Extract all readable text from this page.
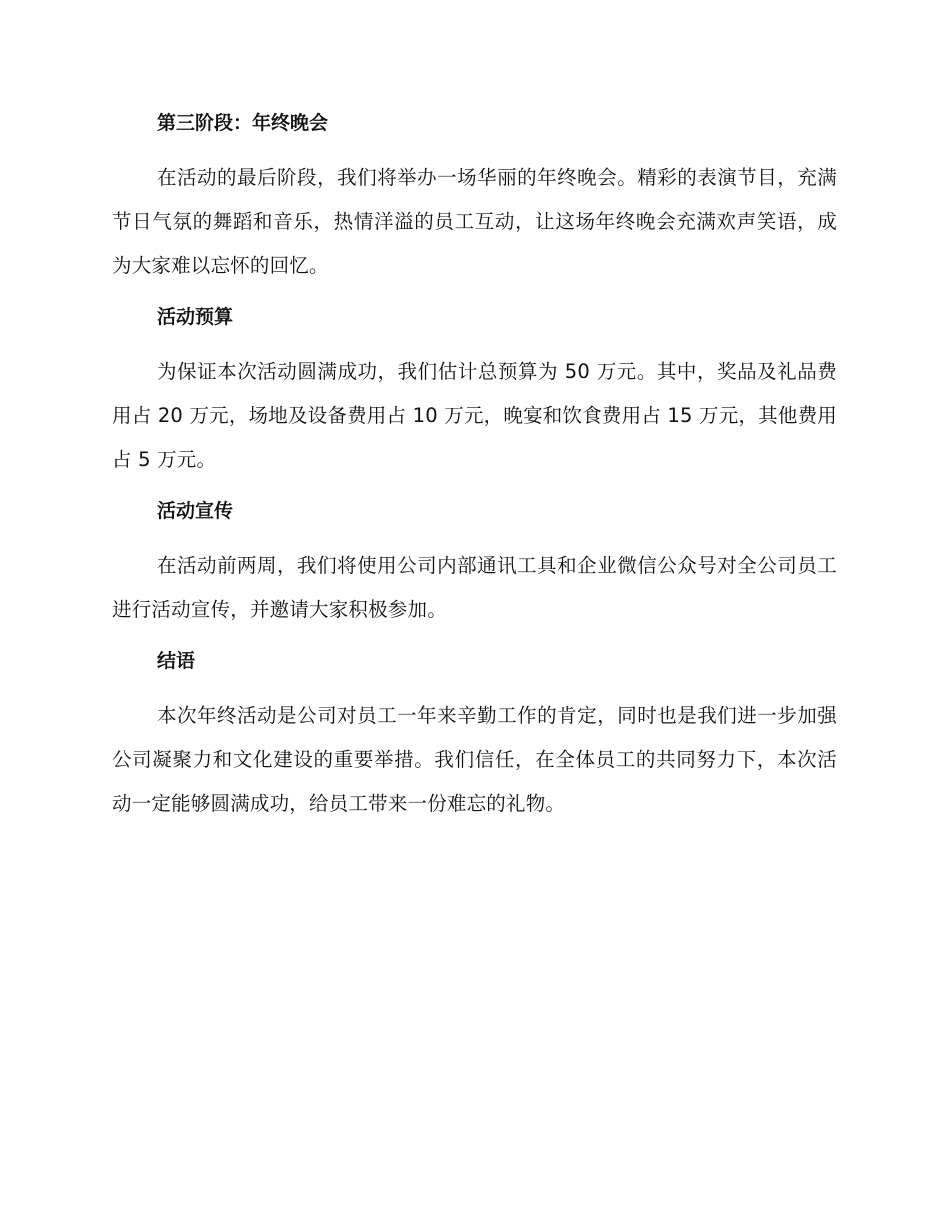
第三阶段：年终晚会

在活动的最后阶段，我们将举办一场华丽的年终晚会。精彩的表演节目，充满节日气氛的舞蹈和音乐，热情洋溢的员工互动，让这场年终晚会充满欢声笑语，成为大家难以忘怀的回忆。

活动预算

为保证本次活动圆满成功，我们估计总预算为 50 万元。其中，奖品及礼品费用占 20 万元，场地及设备费用占 10 万元，晚宴和饮食费用占 15 万元，其他费用占 5 万元。

活动宣传

在活动前两周，我们将使用公司内部通讯工具和企业微信公众号对全公司员工进行活动宣传，并邀请大家积极参加。

结语

本次年终活动是公司对员工一年来辛勤工作的肯定，同时也是我们进一步加强公司凝聚力和文化建设的重要举措。我们信任，在全体员工的共同努力下，本次活动一定能够圆满成功，给员工带来一份难忘的礼物。
